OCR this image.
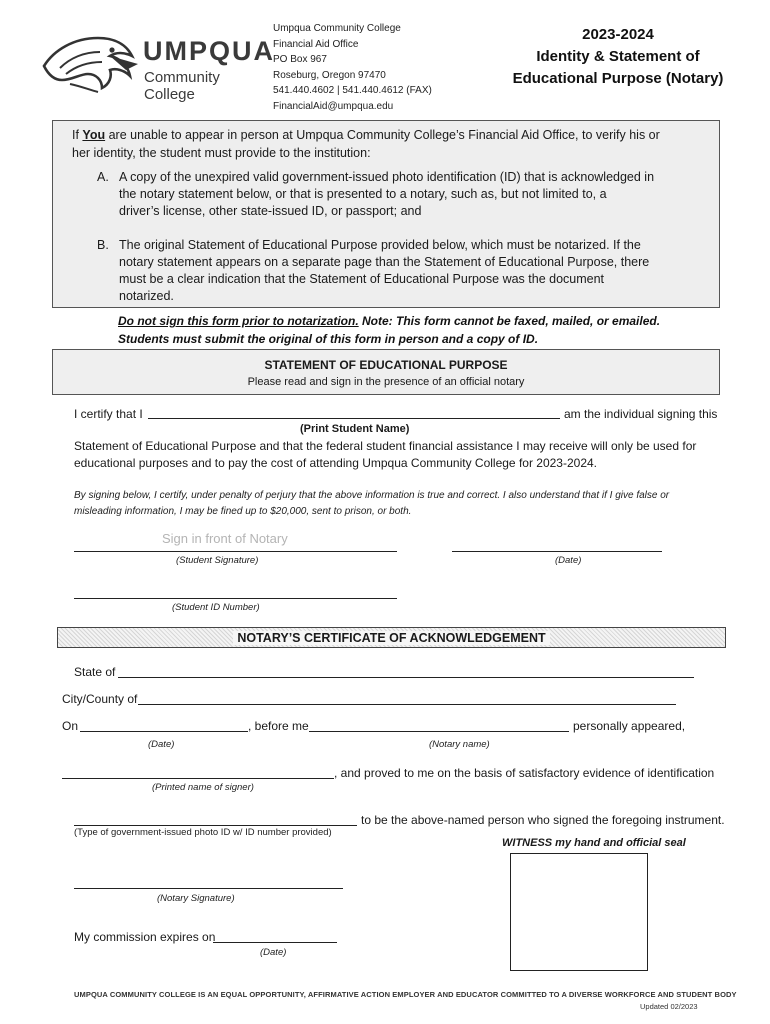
UMPQUA
Community College
Umpqua Community College
Financial Aid Office
PO Box 967
Roseburg, Oregon 97470
541.440.4602 | 541.440.4612 (FAX)
FinancialAid@umpqua.edu
2023-2024
Identity & Statement of
Educational Purpose (Notary)

If You are unable to appear in person at Umpqua Community College’s Financial Aid Office, to verify his or

her identity, the student must provide to the institution:

A. A copy of the unexpired valid government-issued photo identification (ID) that is acknowledged in

the notary statement below, or that is presented to a notary, such as, but not limited to, a

driver’s license, other state-issued ID, or passport; and

B. The original Statement of Educational Purpose provided below, which must be notarized. If the

notary statement appears on a separate page than the Statement of Educational Purpose, there

must be a clear indication that the Statement of Educational Purpose was the document

notarized.

Do not sign this form prior to notarization. Note: This form cannot be faxed, mailed, or emailed.
Students must submit the original of this form in person and a copy of ID.
STATEMENT OF EDUCATIONAL PURPOSE
Please read and sign in the presence of an official notary
I certify that I	am the individual signing this
(Print Student Name)
Statement of Educational Purpose and that the federal student financial assistance I may receive will only be used for
educational purposes and to pay the cost of attending Umpqua Community College for 2023-2024.
By signing below, I certify, under penalty of perjury that the above information is true and correct. I also understand that if I give false or
misleading information, I may be fined up to $20,000, sent to prison, or both.
Sign in front of Notary
(Student Signature)	(Date)
(Student ID Number)
NOTARY’S CERTIFICATE OF ACKNOWLEDGEMENT
State of
City/County of
On	, before me	personally appeared,
(Date)	(Notary name)
, and proved to me on the basis of satisfactory evidence of identification
(Printed name of signer)
to be the above-named person who signed the foregoing instrument.
(Type of government-issued photo ID w/ ID number provided)
WITNESS my hand and official seal
(Notary Signature)
My commission expires on
(Date)
UMPQUA COMMUNITY COLLEGE IS AN EQUAL OPPORTUNITY, AFFIRMATIVE ACTION EMPLOYER AND EDUCATOR COMMITTED TO A DIVERSE WORKFORCE AND STUDENT BODY
Updated 02/2023
